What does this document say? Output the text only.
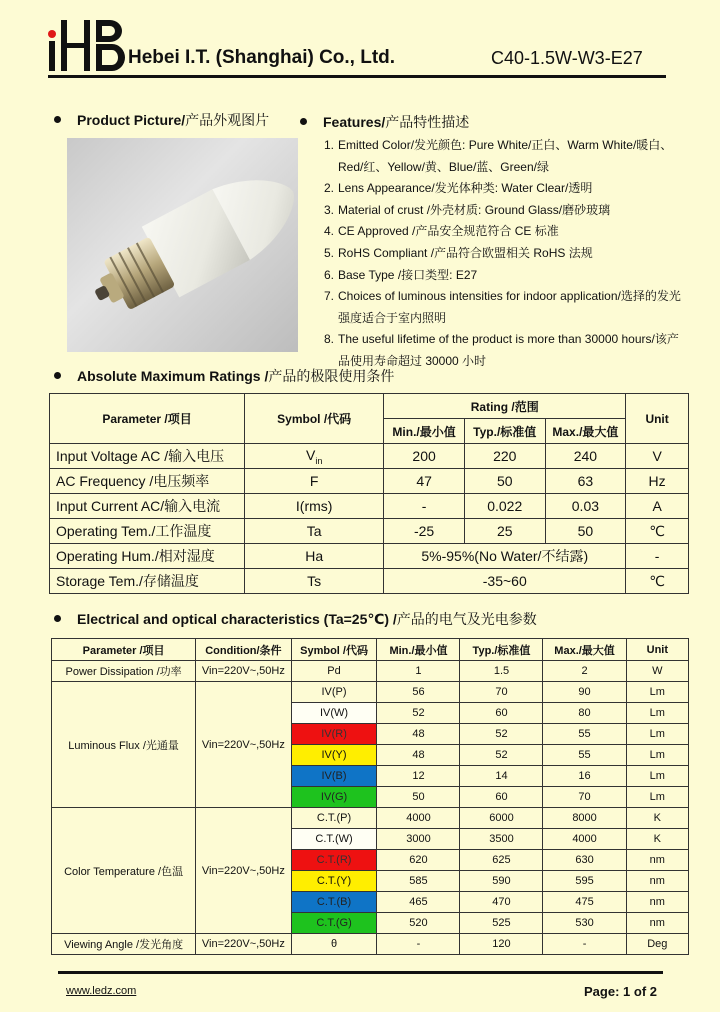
Hebei I.T. (Shanghai) Co., Ltd.	C40-1.5W-W3-E27
Product Picture/产品外观图片	Features/产品特性描述
1. Emitted Color/发光颜色: Pure White/正白、Warm White/暖白、Red/红、Yellow/黄、Blue/蓝、Green/绿
2. Lens Appearance/发光体种类: Water Clear/透明
3. Material of crust /外壳材质: Ground Glass/磨砂玻璃
4. CE Approved /产品安全规范符合 CE 标准
5. RoHS Compliant /产品符合欧盟相关 RoHS 法规
6. Base Type /接口类型: E27
7. Choices of luminous intensities for indoor application/选择的发光强度适合于室内照明
8. The useful lifetime of the product is more than 30000 hours/该产品使用寿命超过 30000 小时
Absolute Maximum Ratings /产品的极限使用条件
Parameter /项目	Symbol /代码	Rating /范围			Unit
		Min./最小值	Typ./标准值	Max./最大值	
Input Voltage AC /输入电压	$V_{in}$	200	220	240	V
AC Frequency /电压频率	F	47	50	63	Hz
Input Current AC/输入电流	I(rms)	-	0.022	0.03	A
Operating Tem./工作温度	Ta	-25	25	50	℃
Operating Hum./相对湿度	Ha	5%-95%(No Water/不结露)			-
Storage Tem./存储温度	Ts	-35~60			℃
Electrical and optical characteristics (Ta=25℃) /产品的电气及光电参数
Parameter /项目	Condition/条件	Symbol /代码	Min./最小值	Typ./标准值	Max./最大值	Unit
Power Dissipation /功率	Vin=220V~,50Hz	Pd	1	1.5	2	W
Luminous Flux /光通量	Vin=220V~,50Hz	IV(P)	56	70	90	Lm
		IV(W)	52	60	80	Lm
		IV(R)	48	52	55	Lm
		IV(Y)	48	52	55	Lm
		IV(B)	12	14	16	Lm
		IV(G)	50	60	70	Lm
Color Temperature /色温	Vin=220V~,50Hz	C.T.(P)	4000	6000	8000	K
		C.T.(W)	3000	3500	4000	K
		C.T.(R)	620	625	630	nm
		C.T.(Y)	585	590	595	nm
		C.T.(B)	465	470	475	nm
		C.T.(G)	520	525	530	nm
Viewing Angle /发光角度	Vin=220V~,50Hz	θ	-	120	-	Deg
www.ledz.com	Page: 1 of 2
